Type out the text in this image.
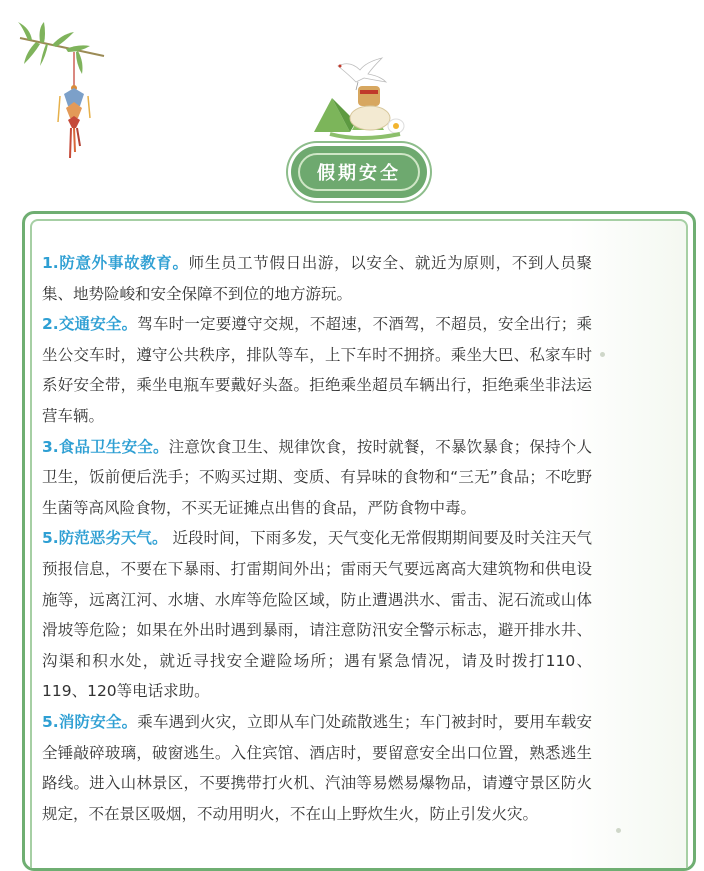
假期安全

1.防意外事故教育。师生员工节假日出游，以安全、就近为原则，不到人员聚集、地势险峻和安全保障不到位的地方游玩。

2.交通安全。驾车时一定要遵守交规，不超速，不酒驾，不超员，安全出行；乘坐公交车时，遵守公共秩序，排队等车，上下车时不拥挤。乘坐大巴、私家车时系好安全带，乘坐电瓶车要戴好头盔。拒绝乘坐超员车辆出行，拒绝乘坐非法运营车辆。

3.食品卫生安全。注意饮食卫生、规律饮食，按时就餐，不暴饮暴食；保持个人卫生，饭前便后洗手；不购买过期、变质、有异味的食物和“三无”食品；不吃野生菌等高风险食物，不买无证摊点出售的食品，严防食物中毒。

5.防范恶劣天气。 近段时间，下雨多发，天气变化无常假期期间要及时关注天气预报信息，不要在下暴雨、打雷期间外出；雷雨天气要远离高大建筑物和供电设施等，远离江河、水塘、水库等危险区域，防止遭遇洪水、雷击、泥石流或山体滑坡等危险；如果在外出时遇到暴雨，请注意防汛安全警示标志，避开排水井、沟渠和积水处，就近寻找安全避险场所；遇有紧急情况，请及时拨打110、119、120等电话求助。

5.消防安全。乘车遇到火灾，立即从车门处疏散逃生；车门被封时，要用车载安全锤敲碎玻璃，破窗逃生。入住宾馆、酒店时，要留意安全出口位置，熟悉逃生路线。进入山林景区，不要携带打火机、汽油等易燃易爆物品，请遵守景区防火规定，不在景区吸烟，不动用明火，不在山上野炊生火，防止引发火灾。
